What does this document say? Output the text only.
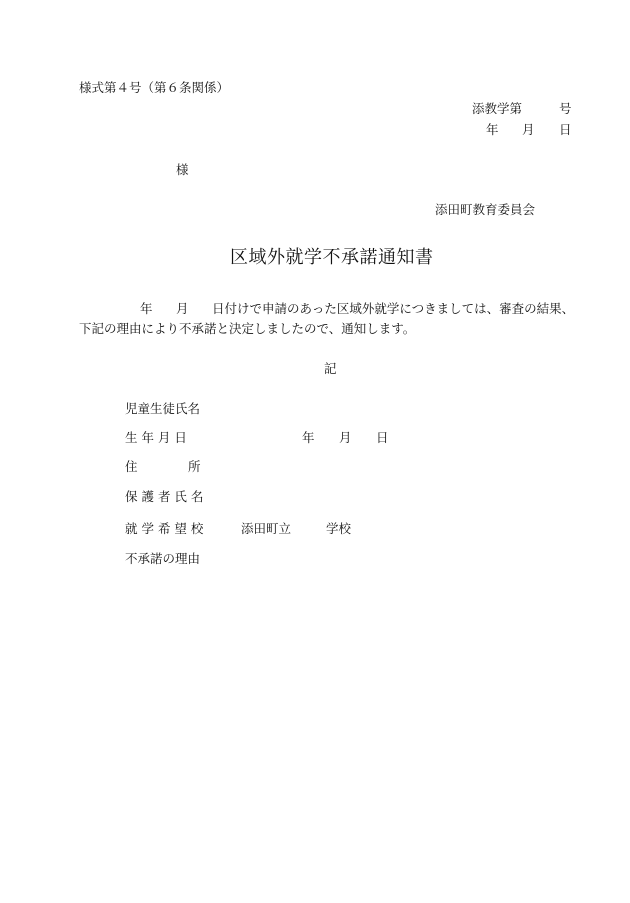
様式第４号（第６条関係）
添教学第	号
年 月 日
様
添田町教育委員会
区域外就学不承諾通知書
年 月 日付けで申請のあった区域外就学につきましては、審査の結果、
下記の理由により不承諾と決定しましたので、通知します。
記
児童生徒氏名
生 年 月 日	年 月 日
住	所
保 護 者 氏 名
就 学 希 望 校	添田町立	学校
不承諾の理由
